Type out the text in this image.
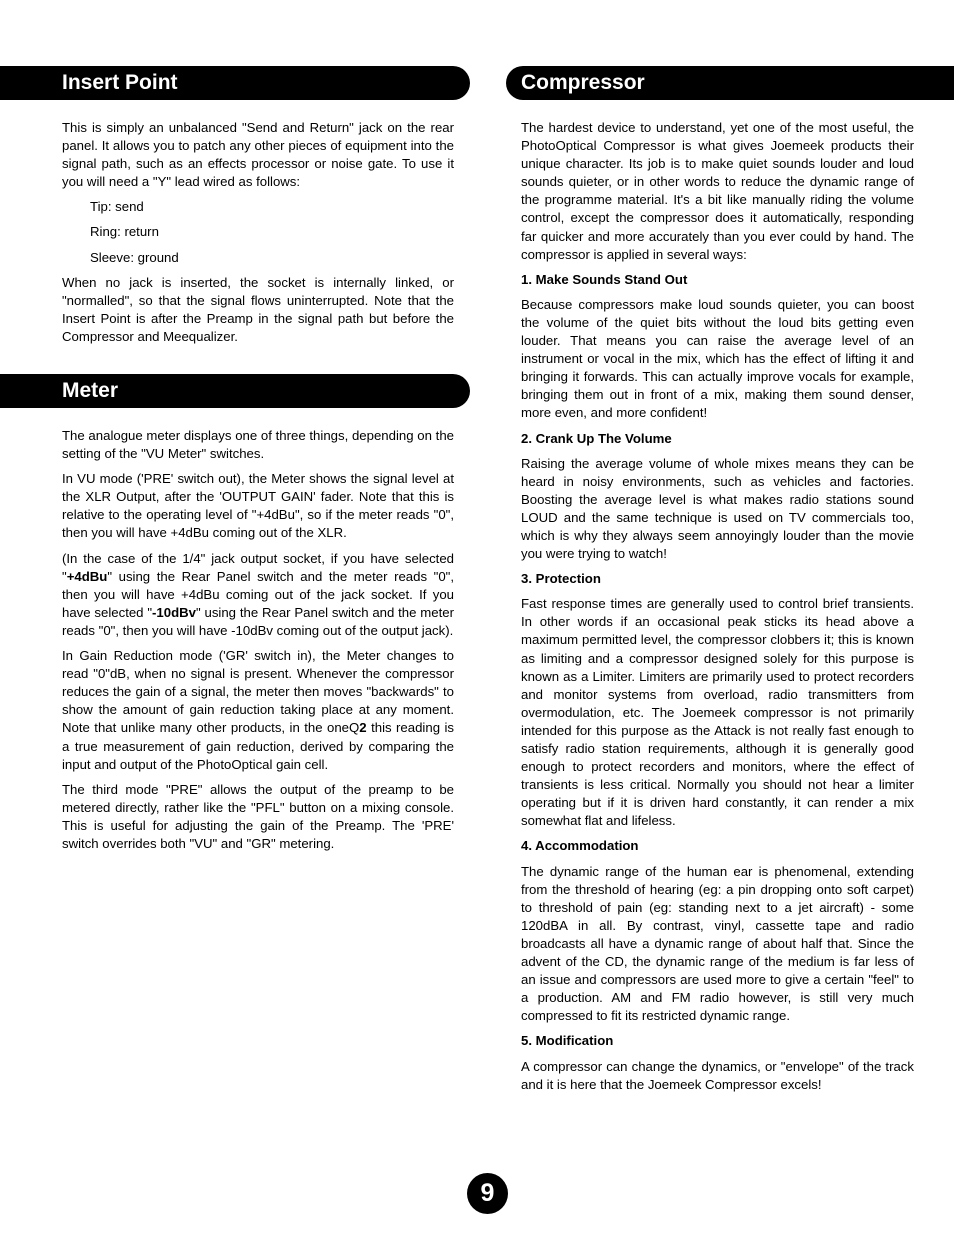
Insert Point

This is simply an unbalanced "Send and Return" jack on the rear panel. It allows you to patch any other pieces of equipment into the signal path, such as an effects processor or noise gate. To use it you will need a "Y" lead wired as follows:

Tip: send
Ring: return
Sleeve: ground

When no jack is inserted, the socket is internally linked, or "normalled", so that the signal flows uninterrupted. Note that the Insert Point is after the Preamp in the signal path but before the Compressor and Meequalizer.

Meter

The analogue meter displays one of three things, depending on the setting of the "VU Meter" switches.

In VU mode ('PRE' switch out), the Meter shows the signal level at the XLR Output, after the 'OUTPUT GAIN' fader. Note that this is relative to the operating level of "+4dBu", so if the meter reads "0", then you will have +4dBu coming out of the XLR.

(In the case of the 1/4" jack output socket, if you have selected "+4dBu" using the Rear Panel switch and the meter reads "0", then you will have +4dBu coming out of the jack socket. If you have selected "-10dBv" using the Rear Panel switch and the meter reads "0", then you will have -10dBv coming out of the output jack).

In Gain Reduction mode ('GR' switch in), the Meter changes to read "0"dB, when no signal is present. Whenever the compressor reduces the gain of a signal, the meter then moves "backwards" to show the amount of gain reduction taking place at any moment. Note that unlike many other products, in the oneQ2 this reading is a true measurement of gain reduction, derived by comparing the input and output of the PhotoOptical gain cell.

The third mode "PRE" allows the output of the preamp to be metered directly, rather like the "PFL" button on a mixing console. This is useful for adjusting the gain of the Preamp. The 'PRE' switch overrides both "VU" and "GR" metering.

Compressor

The hardest device to understand, yet one of the most useful, the PhotoOptical Compressor is what gives Joemeek products their unique character. Its job is to make quiet sounds louder and loud sounds quieter, or in other words to reduce the dynamic range of the programme material. It's a bit like manually riding the volume control, except the compressor does it automatically, responding far quicker and more accurately than you ever could by hand. The compressor is applied in several ways:

1. Make Sounds Stand Out

Because compressors make loud sounds quieter, you can boost the volume of the quiet bits without the loud bits getting even louder. That means you can raise the average level of an instrument or vocal in the mix, which has the effect of lifting it and bringing it forwards. This can actually improve vocals for example, bringing them out in front of a mix, making them sound denser, more even, and more confident!

2. Crank Up The Volume

Raising the average volume of whole mixes means they can be heard in noisy environments, such as vehicles and factories. Boosting the average level is what makes radio stations sound LOUD and the same technique is used on TV commercials too, which is why they always seem annoyingly louder than the movie you were trying to watch!

3. Protection

Fast response times are generally used to control brief transients. In other words if an occasional peak sticks its head above a maximum permitted level, the compressor clobbers it; this is known as limiting and a compressor designed solely for this purpose is known as a Limiter. Limiters are primarily used to protect recorders and monitor systems from overload, radio transmitters from overmodulation, etc. The Joemeek compressor is not primarily intended for this purpose as the Attack is not really fast enough to satisfy radio station requirements, although it is generally good enough to protect recorders and monitors, where the effect of transients is less critical. Normally you should not hear a limiter operating but if it is driven hard constantly, it can render a mix somewhat flat and lifeless.

4. Accommodation

The dynamic range of the human ear is phenomenal, extending from the threshold of hearing (eg: a pin dropping onto soft carpet) to threshold of pain (eg: standing next to a jet aircraft) - some 120dBA in all. By contrast, vinyl, cassette tape and radio broadcasts all have a dynamic range of about half that. Since the advent of the CD, the dynamic range of the medium is far less of an issue and compressors are used more to give a certain "feel" to a production. AM and FM radio however, is still very much compressed to fit its restricted dynamic range.

5. Modification

A compressor can change the dynamics, or "envelope" of the track and it is here that the Joemeek Compressor excels!

9
